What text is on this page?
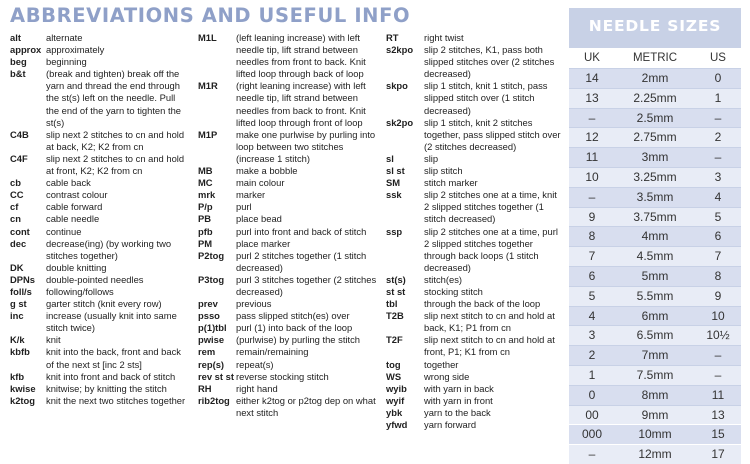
ABBREVIATIONS AND USEFUL INFO
alt	alternate
approx approximately
beg	beginning
b&t	(break and tighten) break off the yarn and thread the end through the st(s) left on the needle. Pull the end of the yarn to tighten the st(s)
C4B	slip next 2 stitches to cn and hold at back, K2; K2 from cn
C4F	slip next 2 stitches to cn and hold at front, K2; K2 from cn
cb	cable back
CC	contrast colour
cf	cable forward
cn	cable needle
cont	continue
dec	decrease(ing) (by working two stitches together)
DK	double knitting
DPNs	double-pointed needles
foll/s	following/follows
g st	garter stitch (knit every row)
inc	increase (usually knit into same stitch twice)
K/k	knit
kbfb	knit into the back, front and back of the next st [inc 2 sts]
kfb	knit into front and back of stitch
kwise	knitwise; by knitting the stitch
k2tog	knit the next two stitches together
M1L	(left leaning increase) with left needle tip, lift strand between needles from front to back. Knit lifted loop through back of loop
M1R	(right leaning increase) with left needle tip, lift strand between needles from back to front. Knit lifted loop through front of loop
M1P	make one purlwise by purling into loop between two stitches (increase 1 stitch)
MB	make a bobble
MC	main colour
mrk	marker
P/p	purl
PB	place bead
pfb	purl into front and back of stitch
PM	place marker
P2tog	purl 2 stitches together (1 stitch decreased)
P3tog	purl 3 stitches together (2 stitches decreased)
prev	previous
psso	pass slipped stitch(es) over
p(1)tbl purl (1) into back of the loop
pwise	(purlwise) by purling the stitch
rem	remain/remaining
rep(s)	repeat(s)
rev st st reverse stocking stitch
RH	right hand
rib2tog either k2tog or p2tog dep on what next stitch
RT	right twist
s2kpo	slip 2 stitches, K1, pass both slipped stitches over (2 stitches decreased)
skpo	slip 1 stitch, knit 1 stitch, pass slipped stitch over (1 stitch decreased)
sk2po	slip 1 stitch, knit 2 stitches together, pass slipped stitch over (2 stitches decreased)
sl	slip
sl st	slip stitch
SM	stitch marker
ssk	slip 2 stitches one at a time, knit 2 slipped stitches together (1 stitch decreased)
ssp	slip 2 stitches one at a time, purl 2 slipped stitches together through back loops (1 stitch decreased)
st(s)	stitch(es)
st st	stocking stitch
tbl	through the back of the loop
T2B	slip next stitch to cn and hold at back, K1; P1 from cn
T2F	slip next stitch to cn and hold at front, P1; K1 from cn
tog	together
WS	wrong side
wyib	with yarn in back
wyif	with yarn in front
ybk	yarn to the back
yfwd	yarn forward
NEEDLE SIZES
UK	METRIC	US
14	2mm	0
13	2.25mm	1
–	2.5mm	–
12	2.75mm	2
11	3mm	–
10	3.25mm	3
–	3.5mm	4
9	3.75mm	5
8	4mm	6
7	4.5mm	7
6	5mm	8
5	5.5mm	9
4	6mm	10
3	6.5mm	10½
2	7mm	–
1	7.5mm	–
0	8mm	11
00	9mm	13
000	10mm	15
–	12mm	17
